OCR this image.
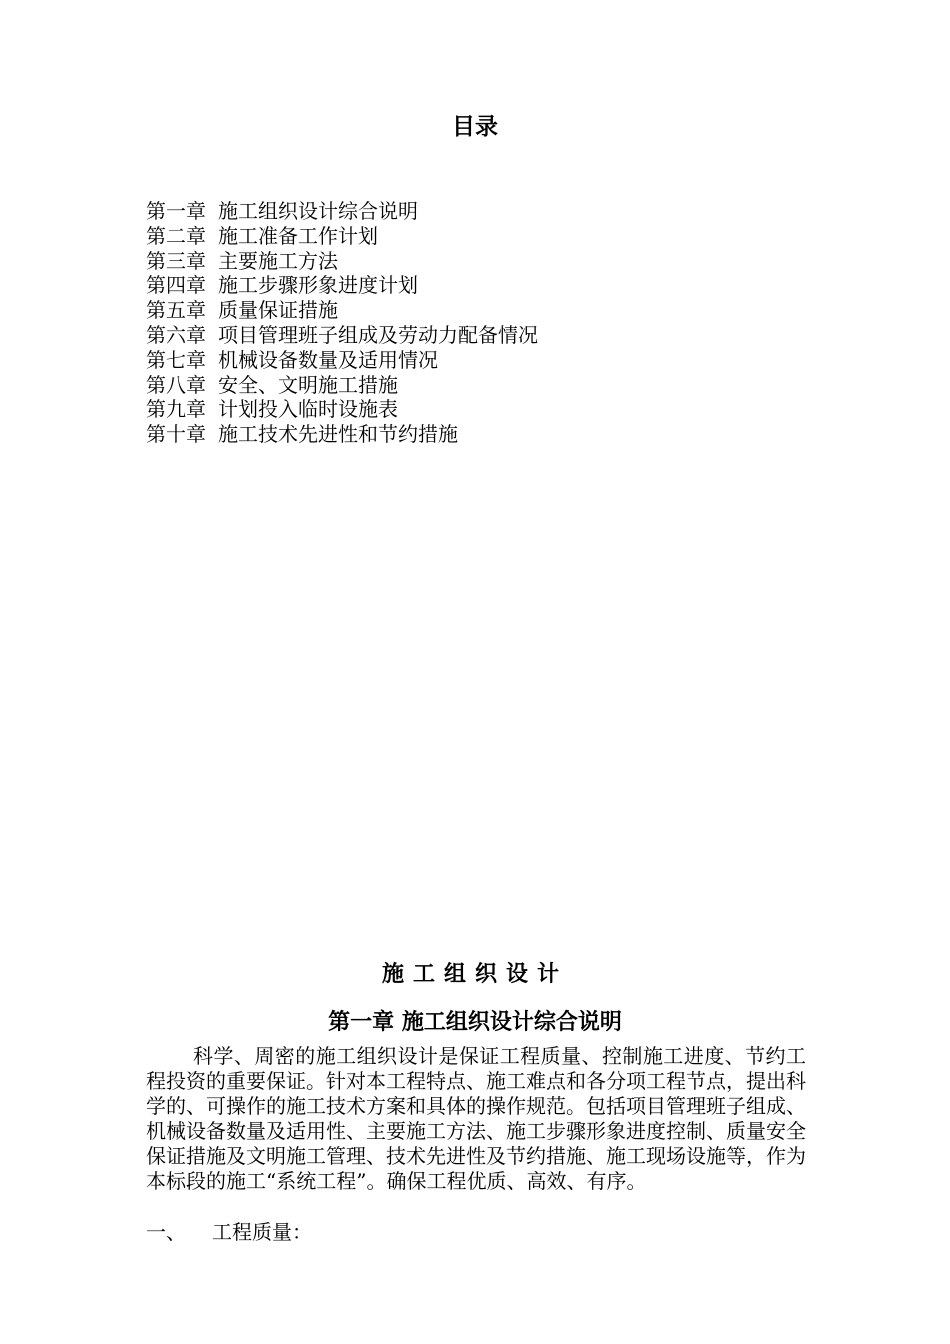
目录
第一章 施工组织设计综合说明
第二章 施工准备工作计划
第三章 主要施工方法
第四章 施工步骤形象进度计划
第五章 质量保证措施
第六章 项目管理班子组成及劳动力配备情况
第七章 机械设备数量及适用情况
第八章 安全、文明施工措施
第九章 计划投入临时设施表
第十章 施工技术先进性和节约措施
施工组织设计
第一章 施工组织设计综合说明

科学、周密的施工组织设计是保证工程质量、控制施工进度、节约工程投资的重要保证。针对本工程特点、施工难点和各分项工程节点，提出科学的、可操作的施工技术方案和具体的操作规范。包括项目管理班子组成、机械设备数量及适用性、主要施工方法、施工步骤形象进度控制、质量安全保证措施及文明施工管理、技术先进性及节约措施、施工现场设施等，作为本标段的施工“系统工程”。确保工程优质、高效、有序。

一、 工程质量：
